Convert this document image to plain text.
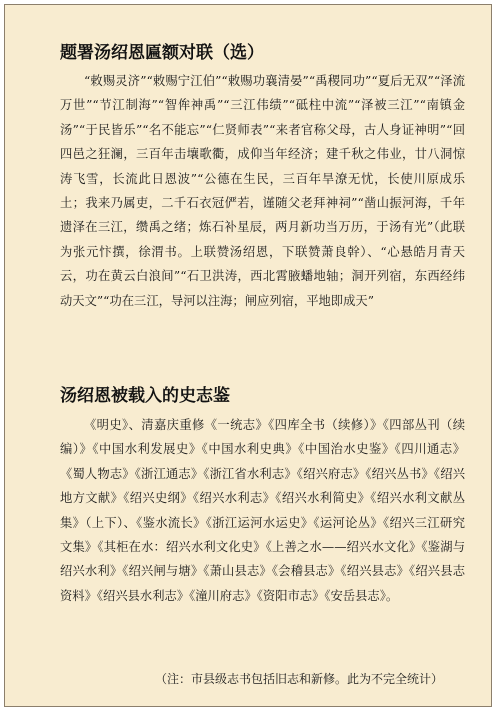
题署汤绍恩匾额对联（选）

“敕赐灵济”“敕赐宁江伯”“敕赐功襄清晏”“禹稷同功”“夏后无双”“泽流万世”“节江制海”“智侔神禹”“三江伟绩”“砥柱中流”“泽被三江”“南镇金汤”“于民皆乐”“名不能忘”“仁贤师表”“来者官称父母，古人身证神明”“回四邑之狂澜，三百年击壤歌衢，成仰当年经济；建千秋之伟业，廿八洞惊涛飞雪，长流此日恩波”“公德在生民，三百年旱潦无忧，长使川原成乐土；我来乃属吏，二千石衣冠俨若，谨随父老拜神祠”“凿山振河海，千年遗泽在三江，缵禹之绪；炼石补星辰，两月新功当万历，于汤有光”（此联为张元忭撰，徐渭书。上联赞汤绍恩，下联赞萧良幹）、“心悬皓月青天云，功在黄云白浪间”“石卫洪涛，西北霄腋蟠地轴；洞开列宿，东西经纬动天文”“功在三江，导河以注海；闸应列宿，平地即成天”

汤绍恩被载入的史志鉴

《明史》、清嘉庆重修《一统志》《四库全书（续修）》《四部丛刊（续编）》《中国水利发展史》《中国水利史典》《中国治水史鉴》《四川通志》《蜀人物志》《浙江通志》《浙江省水利志》《绍兴府志》《绍兴丛书》《绍兴地方文献》《绍兴史纲》《绍兴水利志》《绍兴水利简史》《绍兴水利文献丛集》（上下）、《鉴水流长》《浙江运河水运史》《运河论丛》《绍兴三江研究文集》《其柜在水：绍兴水利文化史》《上善之水——绍兴水文化》《鉴湖与绍兴水利》《绍兴闸与塘》《萧山县志》《会稽县志》《绍兴县志》《绍兴县志资料》《绍兴县水利志》《潼川府志》《资阳市志》《安岳县志》。

（注：市县级志书包括旧志和新修。此为不完全统计）
